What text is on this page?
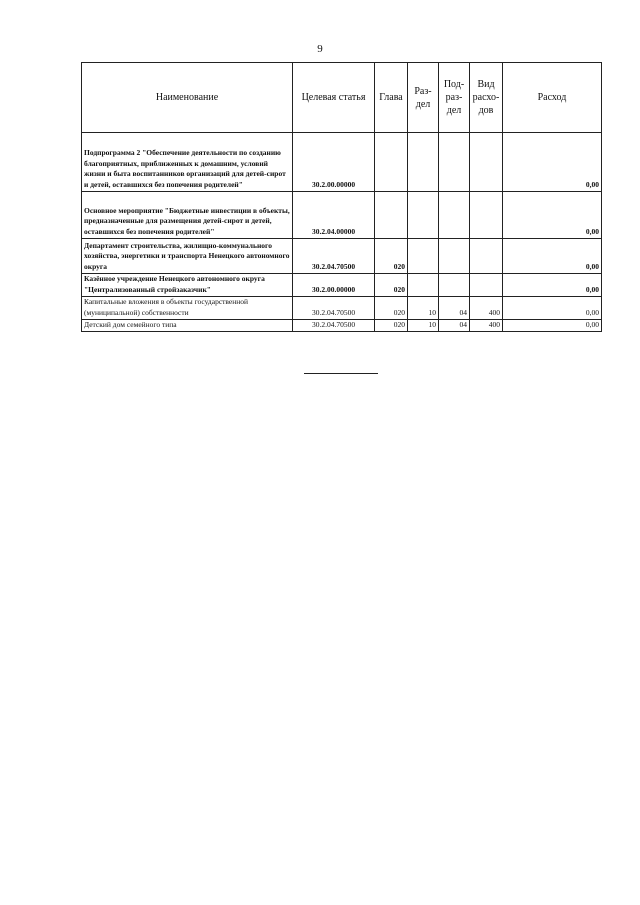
9
Наименование	Целевая статья	Глава	Раз-дел	Под-раз-дел	Вид расхо-дов	Расход
Подпрограмма 2 "Обеспечение деятельности по созданию благоприятных, приближенных к домашним, условий жизни и быта воспитанников организаций для детей-сирот и детей, оставшихся без попечения родителей"	30.2.00.00000					0,00
Основное мероприятие "Бюджетные инвестиции в объекты, предназначенные для размещения детей-сирот и детей, оставшихся без попечения родителей"	30.2.04.00000					0,00
Департамент строительства, жилищно-коммунального хозяйства, энергетики и транспорта Ненецкого автономного округа	30.2.04.70500	020				0,00
Казённое учреждение Ненецкого автономного округа "Централизованный стройзаказчик"	30.2.00.00000	020				0,00
Капитальные вложения в объекты государственной (муниципальной) собственности	30.2.04.70500	020	10	04	400	0,00
Детский дом семейного типа	30.2.04.70500	020	10	04	400	0,00
